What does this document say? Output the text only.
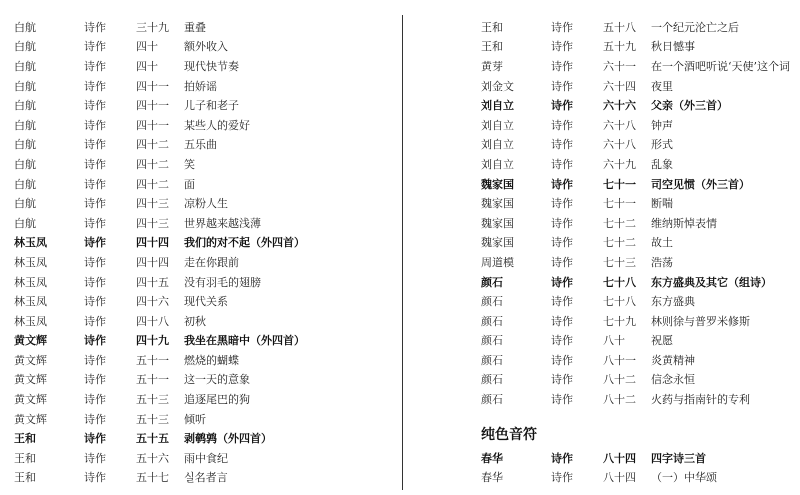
白航	诗作	三十九	重叠
白航	诗作	四十	额外收入
白航	诗作	四十	现代快节奏
白航	诗作	四十一	拍娇谣
白航	诗作	四十一	儿子和老子
白航	诗作	四十一	某些人的爱好
白航	诗作	四十二	五乐曲
白航	诗作	四十二	笑
白航	诗作	四十二	面
白航	诗作	四十三	凉粉人生
白航	诗作	四十三	世界越来越浅薄
林玉凤	诗作	四十四	我们的对不起（外四首）
林玉凤	诗作	四十四	走在你跟前
林玉凤	诗作	四十五	没有羽毛的翅膀
林玉凤	诗作	四十六	现代关系
林玉凤	诗作	四十八	初秋
黄文辉	诗作	四十九	我坐在黑暗中（外四首）
黄文辉	诗作	五十一	燃烧的蝴蝶
黄文辉	诗作	五十一	这一天的意象
黄文辉	诗作	五十三	追逐尾巴的狗
黄文辉	诗作	五十三	倾听
王和	诗作	五十五	剥鹌鹑（外四首）
王和	诗作	五十六	雨中食纪
王和	诗作	五十七	실名者言
王和	诗作	五十八	一个纪元沦亡之后
王和	诗作	五十九	秋日憾事
黄芽	诗作	六十一	在一个酒吧听说‘天使’这个词
刘金文	诗作	六十四	夜里
刘自立	诗作	六十六	父亲（外三首）
刘自立	诗作	六十八	钟声
刘自立	诗作	六十八	形式
刘自立	诗作	六十九	乱象
魏家国	诗作	七十一	司空见惯（外三首）
魏家国	诗作	七十一	断喘
魏家国	诗作	七十二	维纳斯悼表情
魏家国	诗作	七十二	故土
周道模	诗作	七十三	浩荡
颜石	诗作	七十八	东方盛典及其它（组诗）
颜石	诗作	七十八	东方盛典
颜石	诗作	七十九	林则徐与普罗米修斯
颜石	诗作	八十	祝愿
颜石	诗作	八十一	炎黄精神
颜石	诗作	八十二	信念永恒
颜石	诗作	八十二	火药与指南针的专利
纯色音符
春华	诗作	八十四	四字诗三首
春华	诗作	八十四	（一）中华颂
